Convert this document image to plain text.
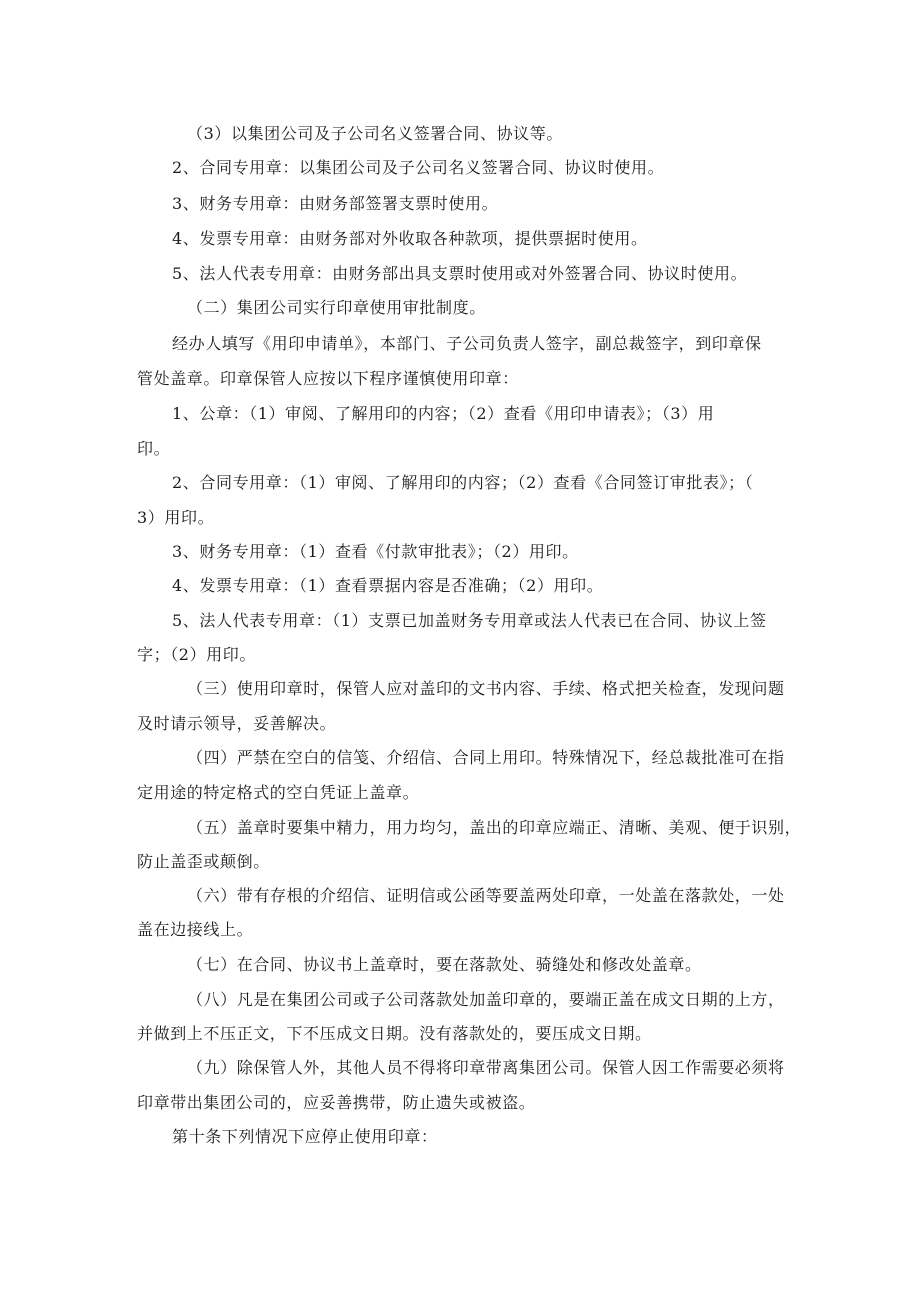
（3）以集团公司及子公司名义签署合同、协议等。
2、合同专用章：以集团公司及子公司名义签署合同、协议时使用。
3、财务专用章：由财务部签署支票时使用。
4、发票专用章：由财务部对外收取各种款项，提供票据时使用。
5、法人代表专用章：由财务部出具支票时使用或对外签署合同、协议时使用。
（二）集团公司实行印章使用审批制度。
经办人填写《用印申请单》，本部门、子公司负责人签字，副总裁签字，到印章保
管处盖章。印章保管人应按以下程序谨慎使用印章：
1、公章：（1）审阅、了解用印的内容；（2）查看《用印申请表》；（3）用
印。
2、合同专用章：（1）审阅、了解用印的内容；（2）查看《合同签订审批表》；（
3）用印。
3、财务专用章：（1）查看《付款审批表》；（2）用印。
4、发票专用章：（1）查看票据内容是否准确；（2）用印。
5、法人代表专用章：（1）支票已加盖财务专用章或法人代表已在合同、协议上签
字；（2）用印。
（三）使用印章时，保管人应对盖印的文书内容、手续、格式把关检查，发现问题
及时请示领导，妥善解决。
（四）严禁在空白的信笺、介绍信、合同上用印。特殊情况下，经总裁批准可在指
定用途的特定格式的空白凭证上盖章。
（五）盖章时要集中精力，用力均匀，盖出的印章应端正、清晰、美观、便于识别，
防止盖歪或颠倒。
（六）带有存根的介绍信、证明信或公函等要盖两处印章，一处盖在落款处，一处
盖在边接线上。
（七）在合同、协议书上盖章时，要在落款处、骑缝处和修改处盖章。
（八）凡是在集团公司或子公司落款处加盖印章的，要端正盖在成文日期的上方，
并做到上不压正文，下不压成文日期。没有落款处的，要压成文日期。
（九）除保管人外，其他人员不得将印章带离集团公司。保管人因工作需要必须将
印章带出集团公司的，应妥善携带，防止遗失或被盗。
第十条下列情况下应停止使用印章：
